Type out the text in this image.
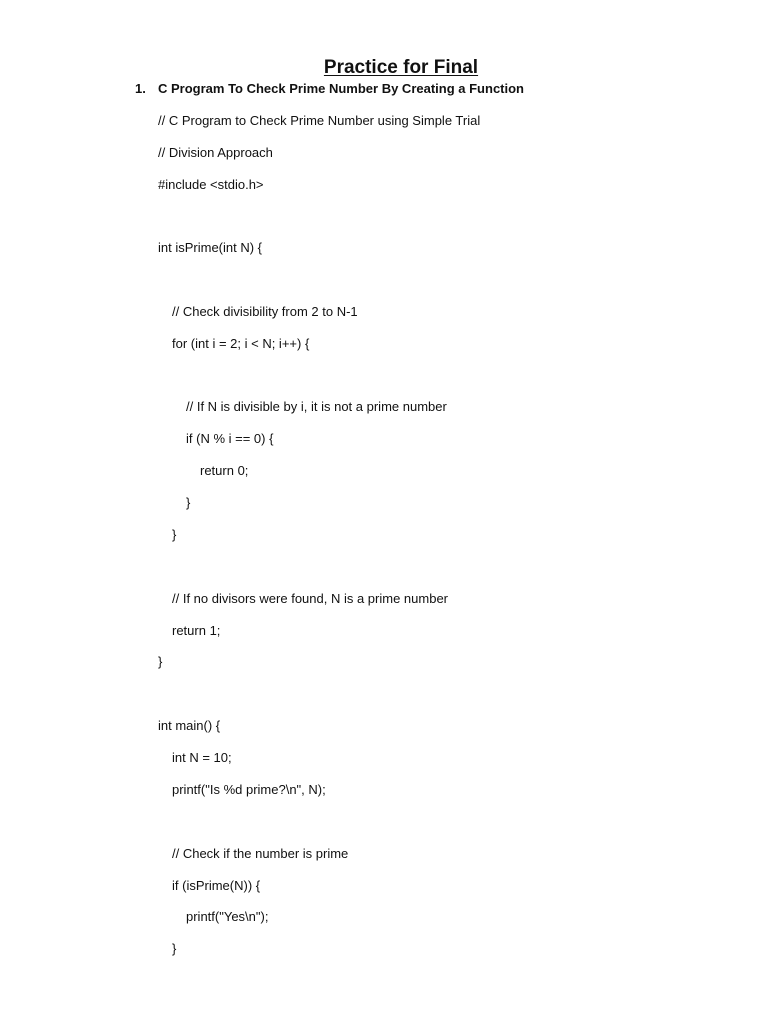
Practice for Final
1. C Program To Check Prime Number By Creating a Function
// C Program to Check Prime Number using Simple Trial
// Division Approach
#include <stdio.h>
int isPrime(int N) {
// Check divisibility from 2 to N-1
for (int i = 2; i < N; i++) {
// If N is divisible by i, it is not a prime number
if (N % i == 0) {
return 0;
}
}
// If no divisors were found, N is a prime number
return 1;
}
int main() {
int N = 10;
printf("Is %d prime?\n", N);
// Check if the number is prime
if (isPrime(N)) {
printf("Yes\n");
}
